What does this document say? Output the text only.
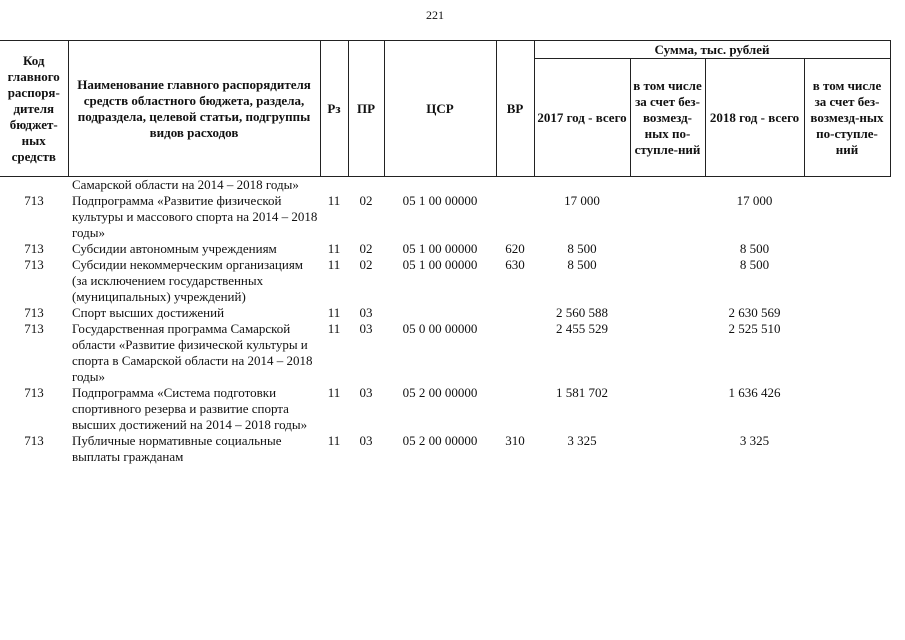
221
Код главного распоря-дителя бюджет-ных средств	Наименование главного распорядителя средств областного бюджета, раздела, подраздела, целевой статьи, подгруппы видов расходов	Рз	ПР	ЦСР	ВР	Сумма, тыс. рублей			
						2017 год - всего	в том числе за счет без-возмезд-ных по-ступле-ний	2018 год - всего	в том числе за счет без-возмезд-ных по-ступле-ний
	Самарской области на 2014 – 2018 годы»								
713	Подпрограмма «Развитие физической культуры и массового спорта на 2014 – 2018 годы»	11	02	05 1 00 00000		17 000		17 000	
713	Субсидии автономным учреждениям	11	02	05 1 00 00000	620	8 500		8 500	
713	Субсидии некоммерческим организациям (за исключением государственных (муниципальных) учреждений)	11	02	05 1 00 00000	630	8 500		8 500	
713	Спорт высших достижений	11	03			2 560 588		2 630 569	
713	Государственная программа Самарской области «Развитие физической культуры и спорта в Самарской области на 2014 – 2018 годы»	11	03	05 0 00 00000		2 455 529		2 525 510	
713	Подпрограмма «Система подготовки спортивного резерва и развитие спорта высших достижений на 2014 – 2018 годы»	11	03	05 2 00 00000		1 581 702		1 636 426	
713	Публичные нормативные социальные выплаты гражданам	11	03	05 2 00 00000	310	3 325		3 325	
